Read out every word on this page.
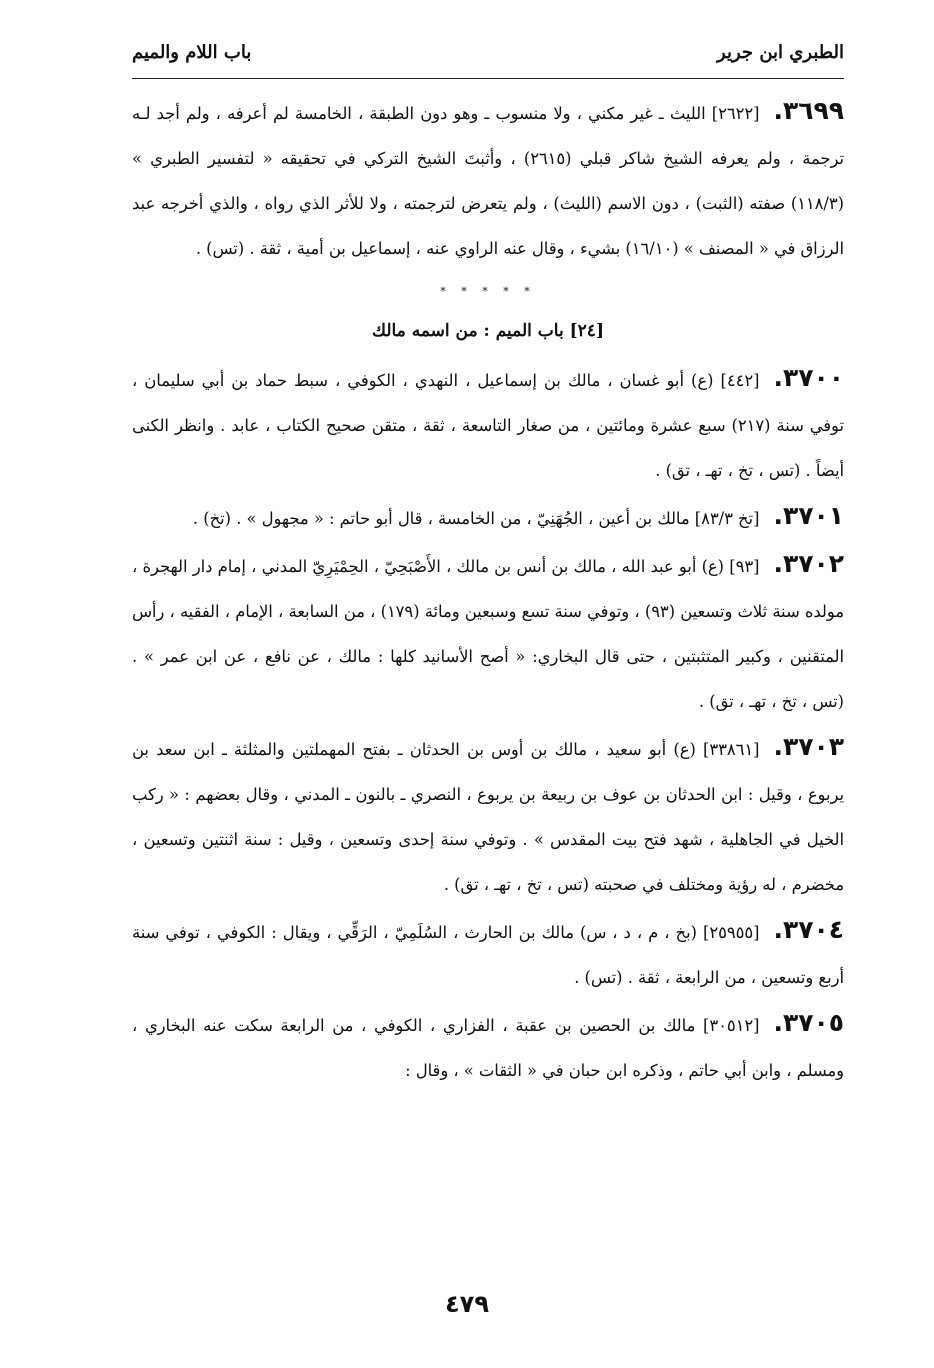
الطبري ابن جرير
باب اللام والميم

٣٦٩٩.[٢٦٢٢] الليث ـ غير مكني ، ولا منسوب ـ وهو دون الطبقة ، الخامسة لم أعرفه ، ولم أجد لـه ترجمة ، ولم يعرفه الشيخ شاكر قبلي (٢٦١٥) ، وأثبتَ الشيخ التركي في تحقيقه « لتفسير الطبري » (١١٨/٣) صفته (الثبت) ، دون الاسم (الليث) ، ولم يتعرض لترجمته ، ولا للأثر الذي رواه ، والذي أخرجه عبد الرزاق في « المصنف » (١٦/١٠) بشيء ، وقال عنه الراوي عنه ، إسماعيل بن أمية ، ثقة . (تس) .

* * * * *
[٢٤] باب الميم : من اسمه مالك

٣٧٠٠.[٤٤٢] (ع) أبو غسان ، مالك بن إسماعيل ، النهدي ، الكوفي ، سبط حماد بن أبي سليمان ، توفي سنة (٢١٧) سبع عشرة ومائتين ، من صغار التاسعة ، ثقة ، متقن صحيح الكتاب ، عابد . وانظر الكنى أيضاً . (تس ، تخ ، تهـ ، تق) .

٣٧٠١.[تخ ٨٣/٣] مالك بن أعين ، الجُهَنِيّ ، من الخامسة ، قال أبو حاتم : « مجهول » . (تخ) .

٣٧٠٢.[٩٣] (ع) أبو عبد الله ، مالك بن أنس بن مالك ، الأَصْبَحِيّ ، الحِمْيَرِيّ المدني ، إمام دار الهجرة ، مولده سنة ثلاث وتسعين (٩٣) ، وتوفي سنة تسع وسبعين ومائة (١٧٩) ، من السابعة ، الإمام ، الفقيه ، رأس المتقنين ، وكبير المتثبتين ، حتى قال البخاري: « أصح الأسانيد كلها : مالك ، عن نافع ، عن ابن عمر » . (تس ، تخ ، تهـ ، تق) .

٣٧٠٣.[٣٣٨٦١] (ع) أبو سعيد ، مالك بن أوس بن الحدثان ـ بفتح المهملتين والمثلثة ـ ابن سعد بن يربوع ، وقيل : ابن الحدثان بن عوف بن ربيعة بن يربوع ، النصري ـ بالنون ـ المدني ، وقال بعضهم : « ركب الخيل في الجاهلية ، شهد فتح بيت المقدس » . وتوفي سنة إحدى وتسعين ، وقيل : سنة اثنتين وتسعين ، مخضرم ، له رؤية ومختلف في صحبته (تس ، تخ ، تهـ ، تق) .

٣٧٠٤.[٢٥٩٥٥] (بخ ، م ، د ، س) مالك بن الحارث ، السُلَمِيّ ، الرَقِّي ، ويقال : الكوفي ، توفي سنة أربع وتسعين ، من الرابعة ، ثقة . (تس) .

٣٧٠٥.[٣٠٥١٢] مالك بن الحصين بن عقبة ، الفزاري ، الكوفي ، من الرابعة سكت عنه البخاري ، ومسلم ، وابن أبي حاتم ، وذكره ابن حبان في « الثقات » ، وقال :

٤٧٩
